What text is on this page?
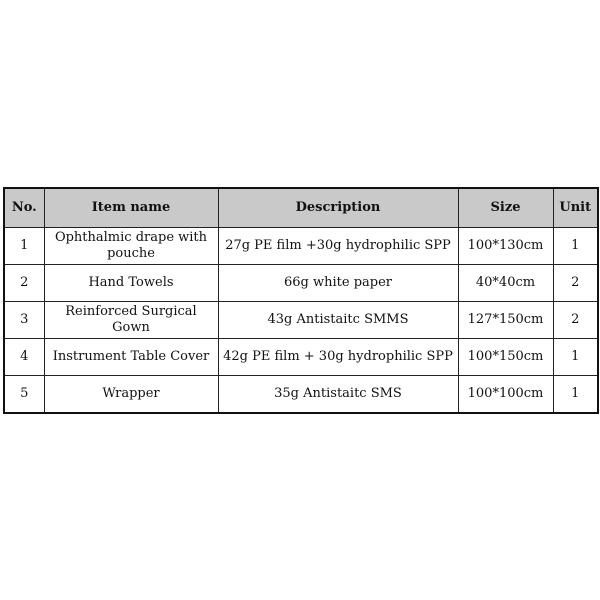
No.	Item name	Description	Size	Unit
1	Ophthalmic drape with pouche	27g PE film +30g hydrophilic SPP	100*130cm	1
2	Hand Towels	66g white paper	40*40cm	2
3	Reinforced Surgical Gown	43g Antistaitc SMMS	127*150cm	2
4	Instrument Table Cover	42g PE film + 30g hydrophilic SPP	100*150cm	1
5	Wrapper	35g Antistaitc SMS	100*100cm	1
